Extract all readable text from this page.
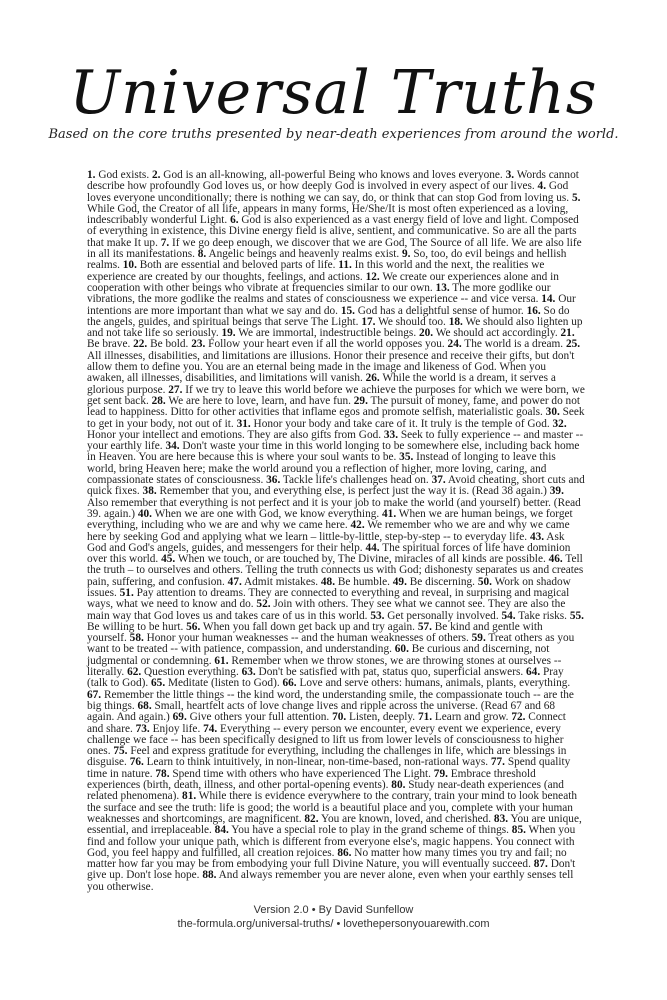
Universal Truths
Based on the core truths presented by near-death experiences from around the world.
1. God exists. 2. God is an all-knowing, all-powerful Being who knows and loves everyone. 3. Words cannot describe how profoundly God loves us, or how deeply God is involved in every aspect of our lives. 4. God loves everyone unconditionally; there is nothing we can say, do, or think that can stop God from loving us. 5. While God, the Creator of all life, appears in many forms, He/She/It is most often experienced as a loving, indescribably wonderful Light. 6. God is also experienced as a vast energy field of love and light. Composed of everything in existence, this Divine energy field is alive, sentient, and communicative. So are all the parts that make It up. 7. If we go deep enough, we discover that we are God, The Source of all life. We are also life in all its manifestations. 8. Angelic beings and heavenly realms exist. 9. So, too, do evil beings and hellish realms. 10. Both are essential and beloved parts of life. 11. In this world and the next, the realities we experience are created by our thoughts, feelings, and actions. 12. We create our experiences alone and in cooperation with other beings who vibrate at frequencies similar to our own. 13. The more godlike our vibrations, the more godlike the realms and states of consciousness we experience -- and vice versa. 14. Our intentions are more important than what we say and do. 15. God has a delightful sense of humor. 16. So do the angels, guides, and spiritual beings that serve The Light. 17. We should too. 18. We should also lighten up and not take life so seriously. 19. We are immortal, indestructible beings. 20. We should act accordingly. 21. Be brave. 22. Be bold. 23. Follow your heart even if all the world opposes you. 24. The world is a dream. 25. All illnesses, disabilities, and limitations are illusions. Honor their presence and receive their gifts, but don't allow them to define you. You are an eternal being made in the image and likeness of God. When you awaken, all illnesses, disabilities, and limitations will vanish. 26. While the world is a dream, it serves a glorious purpose. 27. If we try to leave this world before we achieve the purposes for which we were born, we get sent back. 28. We are here to love, learn, and have fun. 29. The pursuit of money, fame, and power do not lead to happiness. Ditto for other activities that inflame egos and promote selfish, materialistic goals. 30. Seek to get in your body, not out of it. 31. Honor your body and take care of it. It truly is the temple of God. 32. Honor your intellect and emotions. They are also gifts from God. 33. Seek to fully experience -- and master -- your earthly life. 34. Don't waste your time in this world longing to be somewhere else, including back home in Heaven. You are here because this is where your soul wants to be. 35. Instead of longing to leave this world, bring Heaven here; make the world around you a reflection of higher, more loving, caring, and compassionate states of consciousness. 36. Tackle life's challenges head on. 37. Avoid cheating, short cuts and quick fixes. 38. Remember that you, and everything else, is perfect just the way it is. (Read 38 again.) 39. Also remember that everything is not perfect and it is your job to make the world (and yourself) better. (Read 39. again.) 40. When we are one with God, we know everything. 41. When we are human beings, we forget everything, including who we are and why we came here. 42. We remember who we are and why we came here by seeking God and applying what we learn – little-by-little, step-by-step -- to everyday life. 43. Ask God and God's angels, guides, and messengers for their help. 44. The spiritual forces of life have dominion over this world. 45. When we touch, or are touched by, The Divine, miracles of all kinds are possible. 46. Tell the truth – to ourselves and others. Telling the truth connects us with God; dishonesty separates us and creates pain, suffering, and confusion. 47. Admit mistakes. 48. Be humble. 49. Be discerning. 50. Work on shadow issues. 51. Pay attention to dreams. They are connected to everything and reveal, in surprising and magical ways, what we need to know and do. 52. Join with others. They see what we cannot see. They are also the main way that God loves us and takes care of us in this world. 53. Get personally involved. 54. Take risks. 55. Be willing to be hurt. 56. When you fall down get back up and try again. 57. Be kind and gentle with yourself. 58. Honor your human weaknesses -- and the human weaknesses of others. 59. Treat others as you want to be treated -- with patience, compassion, and understanding. 60. Be curious and discerning, not judgmental or condemning. 61. Remember when we throw stones, we are throwing stones at ourselves -- literally. 62. Question everything. 63. Don't be satisfied with pat, status quo, superficial answers. 64. Pray (talk to God). 65. Meditate (listen to God). 66. Love and serve others: humans, animals, plants, everything. 67. Remember the little things -- the kind word, the understanding smile, the compassionate touch -- are the big things. 68. Small, heartfelt acts of love change lives and ripple across the universe. (Read 67 and 68 again. And again.) 69. Give others your full attention. 70. Listen, deeply. 71. Learn and grow. 72. Connect and share. 73. Enjoy life. 74. Everything -- every person we encounter, every event we experience, every challenge we face -- has been specifically designed to lift us from lower levels of consciousness to higher ones. 75. Feel and express gratitude for everything, including the challenges in life, which are blessings in disguise. 76. Learn to think intuitively, in non-linear, non-time-based, non-rational ways. 77. Spend quality time in nature. 78. Spend time with others who have experienced The Light. 79. Embrace threshold experiences (birth, death, illness, and other portal-opening events). 80. Study near-death experiences (and related phenomena). 81. While there is evidence everywhere to the contrary, train your mind to look beneath the surface and see the truth: life is good; the world is a beautiful place and you, complete with your human weaknesses and shortcomings, are magnificent. 82. You are known, loved, and cherished. 83. You are unique, essential, and irreplaceable. 84. You have a special role to play in the grand scheme of things. 85. When you find and follow your unique path, which is different from everyone else's, magic happens. You connect with God, you feel happy and fulfilled, all creation rejoices. 86. No matter how many times you try and fail; no matter how far you may be from embodying your full Divine Nature, you will eventually succeed. 87. Don't give up. Don't lose hope. 88. And always remember you are never alone, even when your earthly senses tell you otherwise.
Version 2.0 • By David Sunfellow
the-formula.org/universal-truths/ • lovethepersonyouarewith.com
